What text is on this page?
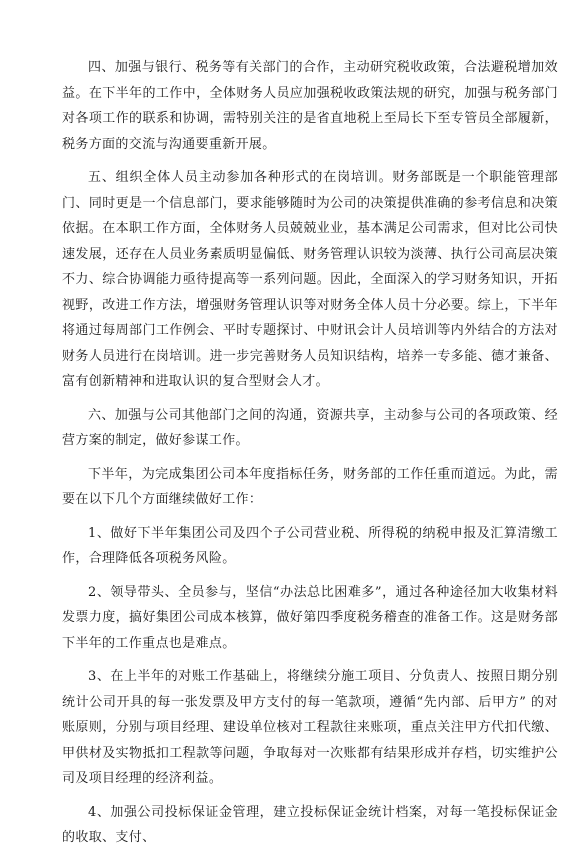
四、加强与银行、税务等有关部门的合作，主动研究税收政策，合法避税增加效益。在下半年的工作中，全体财务人员应加强税收政策法规的研究，加强与税务部门对各项工作的联系和协调，需特别关注的是省直地税上至局长下至专管员全部履新，税务方面的交流与沟通要重新开展。

五、组织全体人员主动参加各种形式的在岗培训。财务部既是一个职能管理部门、同时更是一个信息部门，要求能够随时为公司的决策提供准确的参考信息和决策依据。在本职工作方面，全体财务人员兢兢业业，基本满足公司需求，但对比公司快速发展，还存在人员业务素质明显偏低、财务管理认识较为淡薄、执行公司高层决策不力、综合协调能力亟待提高等一系列问题。因此，全面深入的学习财务知识，开拓视野，改进工作方法，增强财务管理认识等对财务全体人员十分必要。综上，下半年将通过每周部门工作例会、平时专题探讨、中财讯会计人员培训等内外结合的方法对财务人员进行在岗培训。进一步完善财务人员知识结构，培养一专多能、德才兼备、富有创新精神和进取认识的复合型财会人才。

六、加强与公司其他部门之间的沟通，资源共享，主动参与公司的各项政策、经营方案的制定，做好参谋工作。

下半年，为完成集团公司本年度指标任务，财务部的工作任重而道远。为此，需要在以下几个方面继续做好工作：

1、做好下半年集团公司及四个子公司营业税、所得税的纳税申报及汇算清缴工作，合理降低各项税务风险。

2、领导带头、全员参与，坚信“办法总比困难多”，通过各种途径加大收集材料发票力度，搞好集团公司成本核算，做好第四季度税务稽查的准备工作。这是财务部下半年的工作重点也是难点。

3、在上半年的对账工作基础上，将继续分施工项目、分负责人、按照日期分别统计公司开具的每一张发票及甲方支付的每一笔款项，遵循“先内部、后甲方” 的对账原则，分别与项目经理、建设单位核对工程款往来账项，重点关注甲方代扣代缴、甲供材及实物抵扣工程款等问题，争取每对一次账都有结果形成并存档，切实维护公司及项目经理的经济利益。

4、加强公司投标保证金管理，建立投标保证金统计档案，对每一笔投标保证金的收取、支付、
